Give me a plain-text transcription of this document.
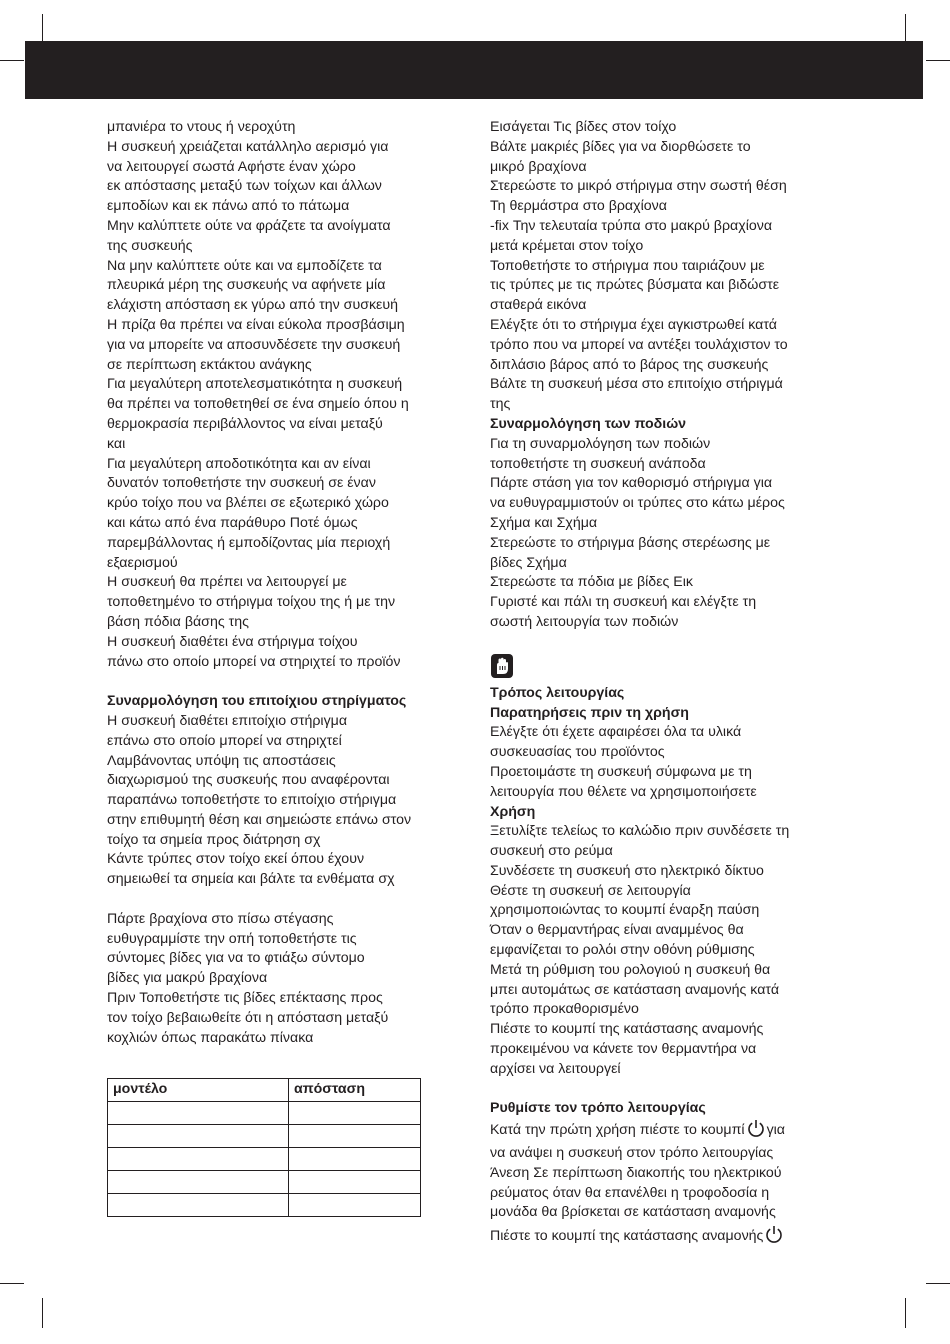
μπανιέρα το ντους ή νεροχύτη

Η συσκευή χρειάζεται κατάλληλο αερισμό για

να λειτουργεί σωστά Αφήστε έναν χώρο

εκ απόστασης μεταξύ των τοίχων και άλλων

εμποδίων και εκ πάνω από το πάτωμα

Μην καλύπτετε ούτε να φράζετε τα ανοίγματα

της συσκευής

Να μην καλύπτετε ούτε και να εμποδίζετε τα

πλευρικά μέρη της συσκευής να αφήνετε μία

ελάχιστη απόσταση εκ γύρω από την συσκευή

Η πρίζα θα πρέπει να είναι εύκολα προσβάσιμη

για να μπορείτε να αποσυνδέσετε την συσκευή

σε περίπτωση εκτάκτου ανάγκης

Για μεγαλύτερη αποτελεσματικότητα η συσκευή

θα πρέπει να τοποθετηθεί σε ένα σημείο όπου η

θερμοκρασία περιβάλλοντος να είναι μεταξύ

και

Για μεγαλύτερη αποδοτικότητα και αν είναι

δυνατόν τοποθετήστε την συσκευή σε έναν

κρύο τοίχο που να βλέπει σε εξωτερικό χώρο

και κάτω από ένα παράθυρο Ποτέ όμως

παρεμβάλλοντας ή εμποδίζοντας μία περιοχή

εξαερισμού

Η συσκευή θα πρέπει να λειτουργεί με

τοποθετημένο το στήριγμα τοίχου της ή με την

βάση πόδια βάσης της

Η συσκευή διαθέτει ένα στήριγμα τοίχου

πάνω στο οποίο μπορεί να στηριχτεί το προϊόν

Συναρμολόγηση του επιτοίχιου στηρίγματος

Η συσκευή διαθέτει επιτοίχιο στήριγμα

επάνω στο οποίο μπορεί να στηριχτεί

Λαμβάνοντας υπόψη τις αποστάσεις

διαχωρισμού της συσκευής που αναφέρονται

παραπάνω τοποθετήστε το επιτοίχιο στήριγμα

στην επιθυμητή θέση και σημειώστε επάνω στον

τοίχο τα σημεία προς διάτρηση σχ

Κάντε τρύπες στον τοίχο εκεί όπου έχουν

σημειωθεί τα σημεία και βάλτε τα ενθέματα σχ

Πάρτε βραχίονα στο πίσω στέγασης

ευθυγραμμίστε την οπή τοποθετήστε τις

σύντομες βίδες για να το φτιάξω σύντομο

βίδες για μακρύ βραχίονα

Πριν Τοποθετήστε τις βίδες επέκτασης προς

τον τοίχο βεβαιωθείτε ότι η απόσταση μεταξύ

κοχλιών όπως παρακάτω πίνακα

μοντέλο	απόσταση

Εισάγεται Τις βίδες στον τοίχο

Βάλτε μακριές βίδες για να διορθώσετε το

μικρό βραχίονα

Στερεώστε το μικρό στήριγμα στην σωστή θέση

Τη θερμάστρα στο βραχίονα

-fix Την τελευταία τρύπα στο μακρύ βραχίονα

μετά κρέμεται στον τοίχο

Τοποθετήστε το στήριγμα που ταιριάζουν με

τις τρύπες με τις πρώτες βύσματα και βιδώστε

σταθερά εικόνα

Ελέγξτε ότι το στήριγμα έχει αγκιστρωθεί κατά

τρόπο που να μπορεί να αντέξει τουλάχιστον το

διπλάσιο βάρος από το βάρος της συσκευής

Βάλτε τη συσκευή μέσα στο επιτοίχιο στήριγμά

της

Συναρμολόγηση των ποδιών

Για τη συναρμολόγηση των ποδιών

τοποθετήστε τη συσκευή ανάποδα

Πάρτε στάση για τον καθορισμό στήριγμα για

να ευθυγραμμιστούν οι τρύπες στο κάτω μέρος

Σχήμα και Σχήμα

Στερεώστε το στήριγμα βάσης στερέωσης με

βίδες Σχήμα

Στερεώστε τα πόδια με βίδες Εικ

Γυριστέ και πάλι τη συσκευή και ελέγξτε τη

σωστή λειτουργία των ποδιών

Τρόπος λειτουργίας

Παρατηρήσεις πριν τη χρήση

Ελέγξτε ότι έχετε αφαιρέσει όλα τα υλικά

συσκευασίας του προϊόντος

Προετοιμάστε τη συσκευή σύμφωνα με τη

λειτουργία που θέλετε να χρησιμοποιήσετε

Χρήση

Ξετυλίξτε τελείως το καλώδιο πριν συνδέσετε τη

συσκευή στο ρεύμα

Συνδέσετε τη συσκευή στο ηλεκτρικό δίκτυο

Θέστε τη συσκευή σε λειτουργία

χρησιμοποιώντας το κουμπί έναρξη παύση

Όταν ο θερμαντήρας είναι αναμμένος θα

εμφανίζεται το ρολόι στην οθόνη ρύθμισης

Μετά τη ρύθμιση του ρολογιού η συσκευή θα

μπει αυτομάτως σε κατάσταση αναμονής κατά

τρόπο προκαθορισμένο

Πιέστε το κουμπί της κατάστασης αναμονής

προκειμένου να κάνετε τον θερμαντήρα να

αρχίσει να λειτουργεί

Ρυθμίστε τον τρόπο λειτουργίας

Κατά την πρώτη χρήση πιέστε το κουμπί για

να ανάψει η συσκευή στον τρόπο λειτουργίας

Άνεση Σε περίπτωση διακοπής του ηλεκτρικού

ρεύματος όταν θα επανέλθει η τροφοδοσία η

μονάδα θα βρίσκεται σε κατάσταση αναμονής

Πιέστε το κουμπί της κατάστασης αναμονής
